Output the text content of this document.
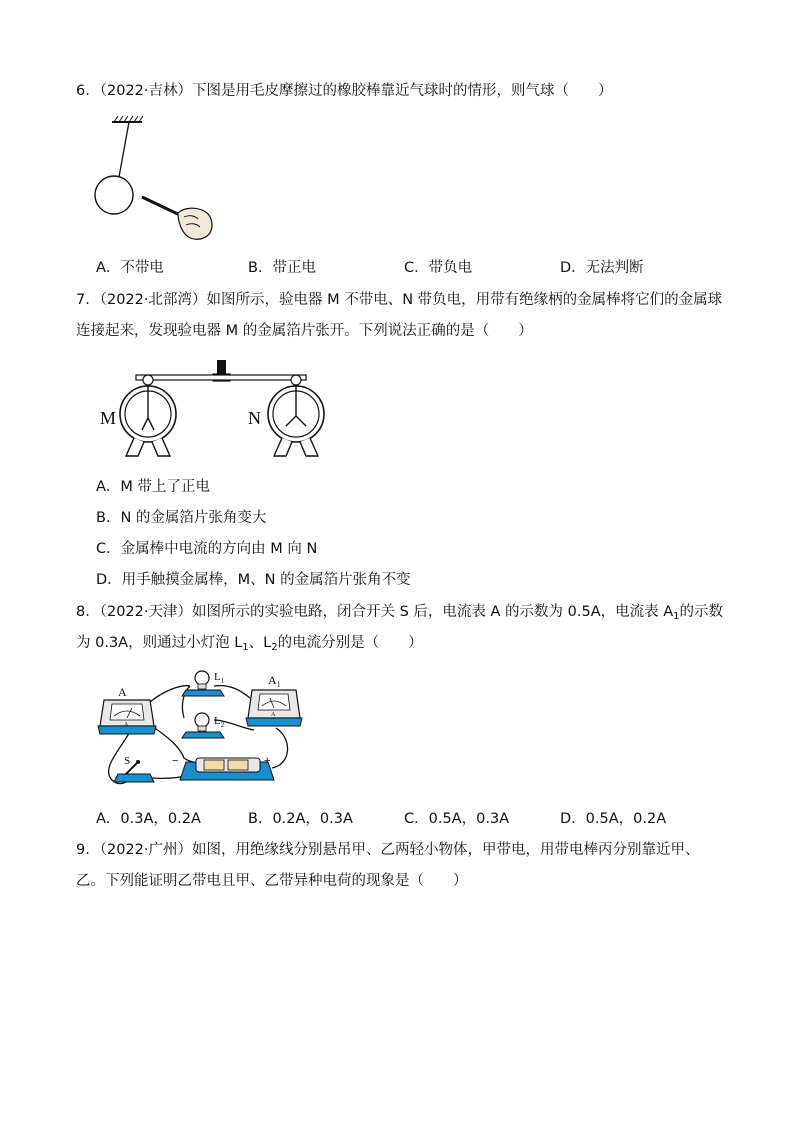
6．（2022·吉林）下图是用毛皮摩擦过的橡胶棒靠近气球时的情形，则气球（　　）
A．不带电	B．带正电	C．带负电	D．无法判断
7．（2022·北部湾）如图所示，验电器 M 不带电、N 带负电，用带有绝缘柄的金属棒将它们的金属球
连接起来，发现验电器 M 的金属箔片张开。下列说法正确的是（　　）
M	N
A．M 带上了正电
B．N 的金属箔片张角变大
C．金属棒中电流的方向由 M 向 N
D．用手触摸金属棒，M、N 的金属箔片张角不变
8．（2022·天津）如图所示的实验电路，闭合开关 S 后，电流表 A 的示数为 0.5A，电流表 $A_1$的示数
为 0.3A，则通过小灯泡 $L_1$、$L_2$的电流分别是（　　）
A
A
A
$A_1$
$L_1$
$L_2$
S	−	+
A．0.3A，0.2A	B．0.2A，0.3A	C．0.5A，0.3A	D．0.5A，0.2A
9．（2022·广州）如图，用绝缘线分别悬吊甲、乙两轻小物体，甲带电，用带电棒丙分别靠近甲、
乙。下列能证明乙带电且甲、乙带异种电荷的现象是（　　）
